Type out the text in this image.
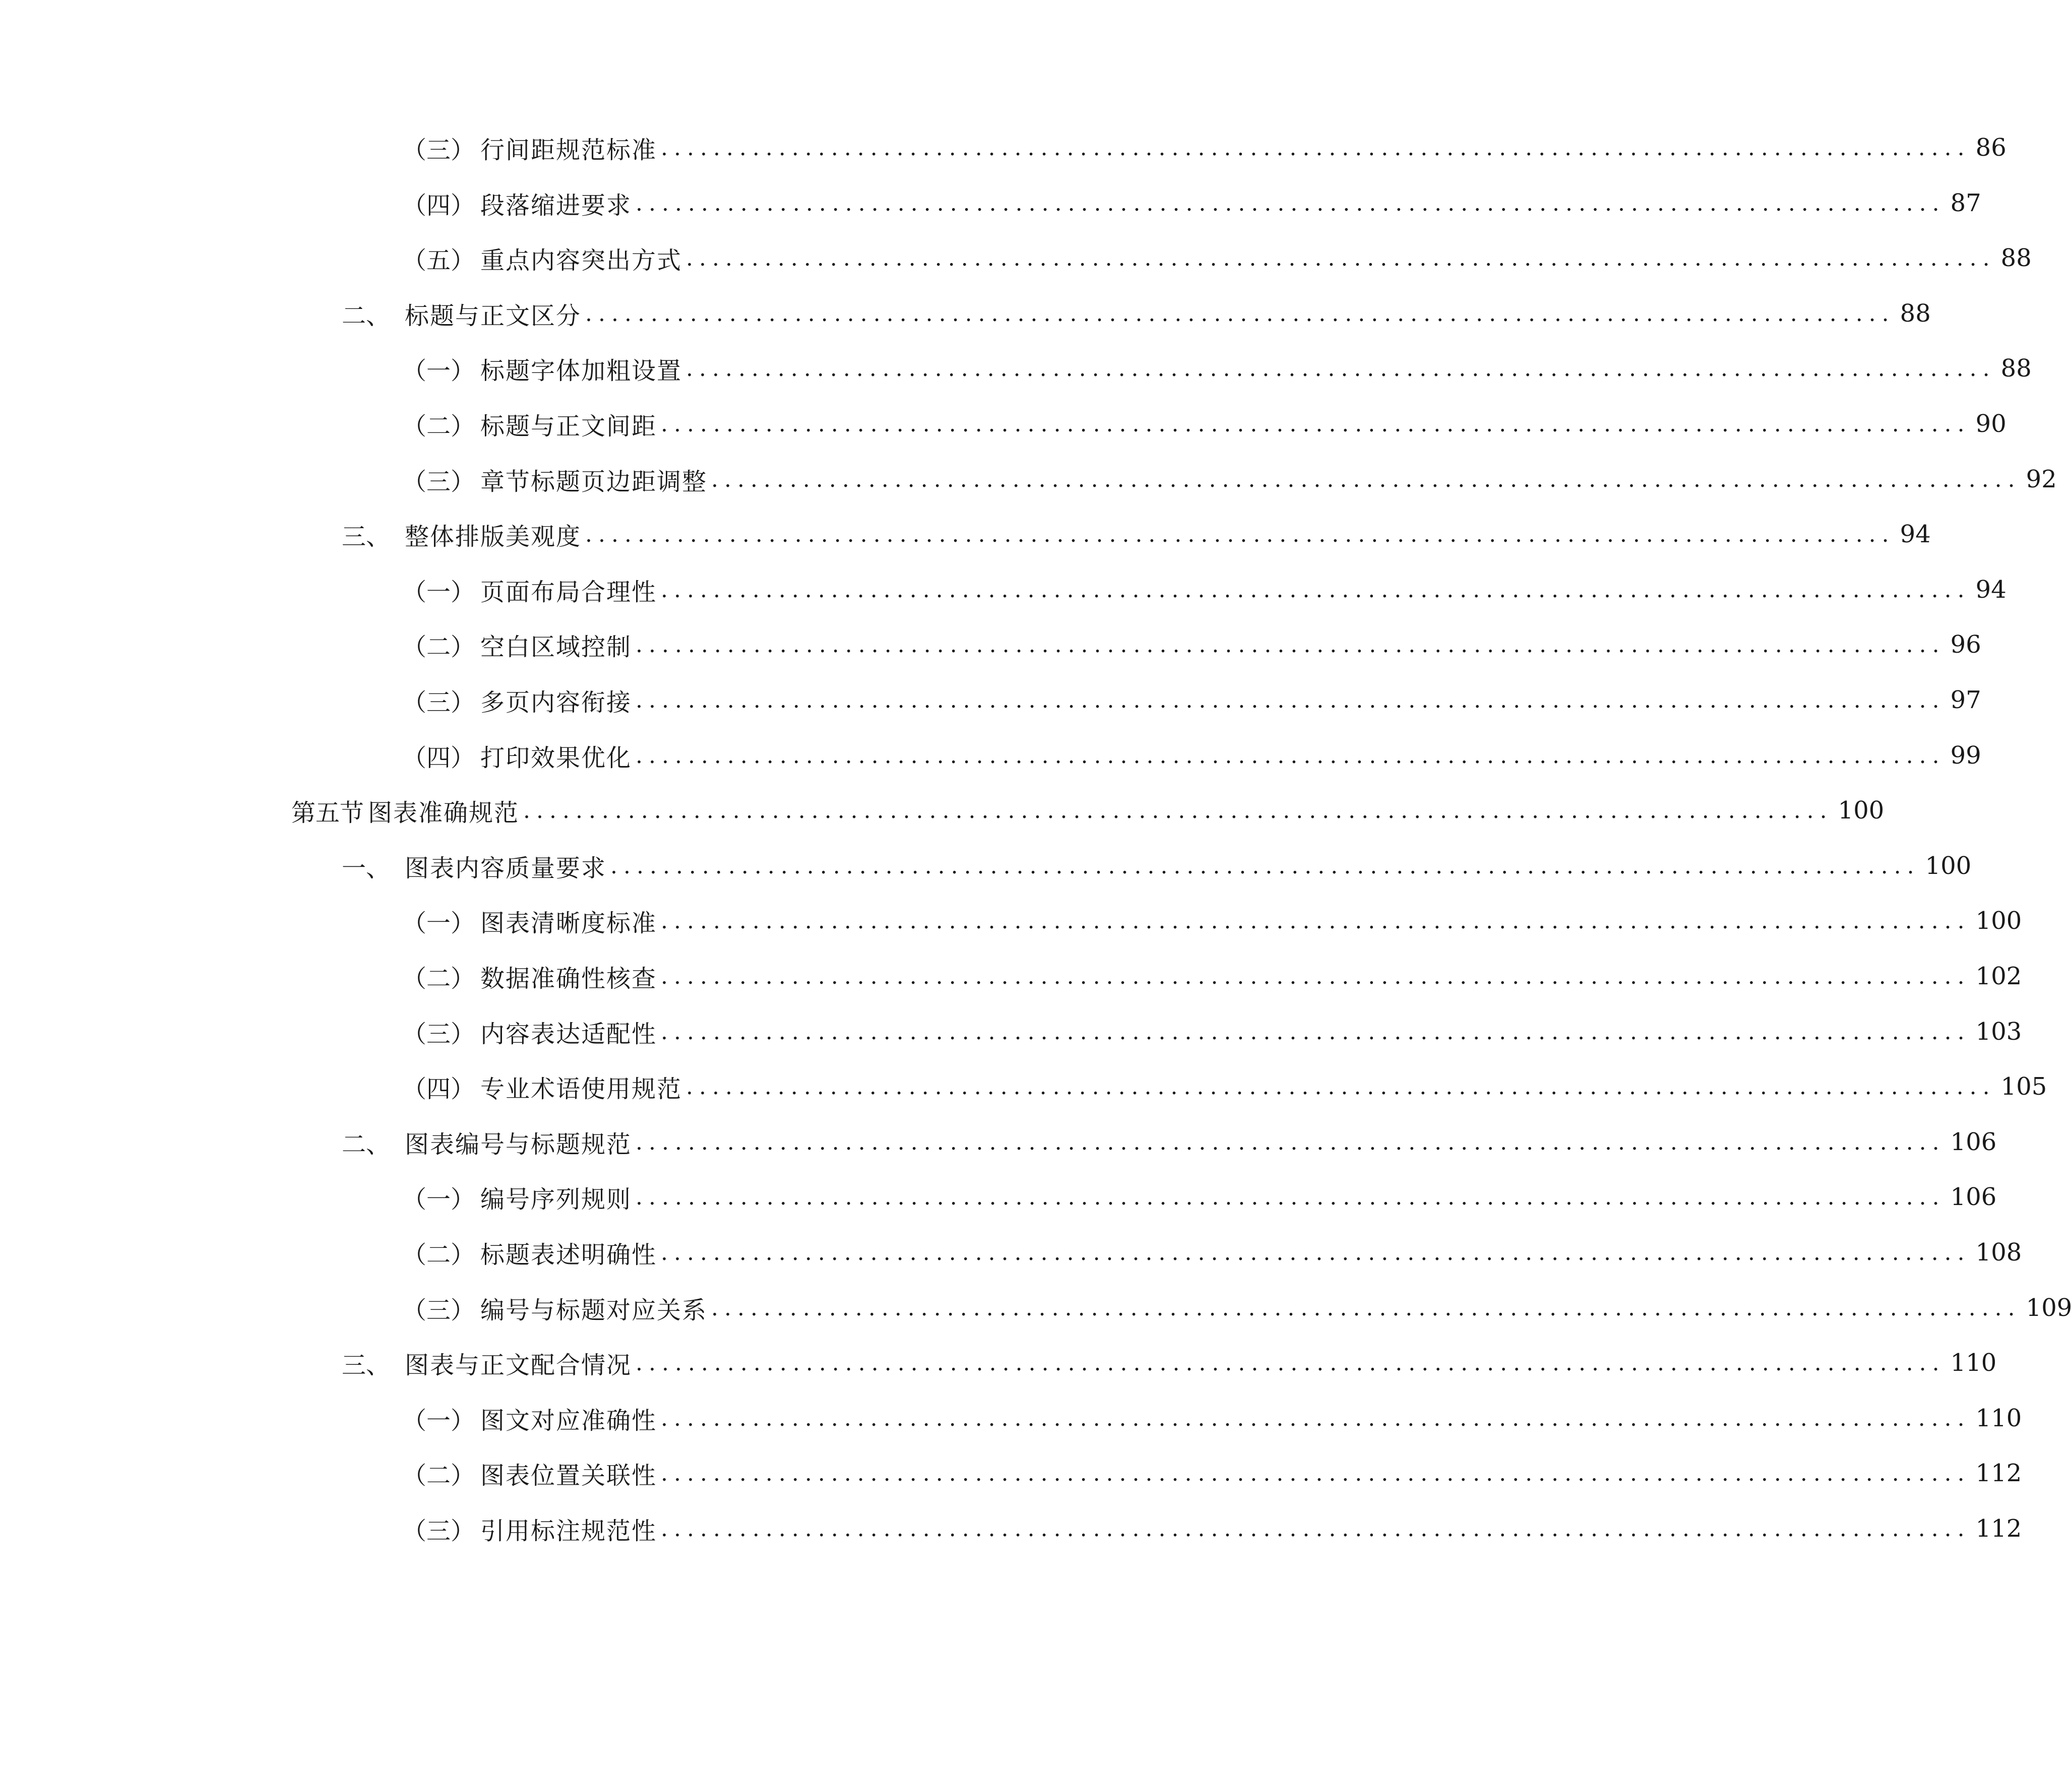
（三） 行间距规范标准 .................................................................................................... 86
（四） 段落缩进要求 .................................................................................................... 87
（五） 重点内容突出方式 .................................................................................................... 88
二、 标题与正文区分 .................................................................................................... 88
（一） 标题字体加粗设置 .................................................................................................... 88
（二） 标题与正文间距 .................................................................................................... 90
（三） 章节标题页边距调整 .................................................................................................... 92
三、 整体排版美观度 .................................................................................................... 94
（一） 页面布局合理性 .................................................................................................... 94
（二） 空白区域控制 .................................................................................................... 96
（三） 多页内容衔接 .................................................................................................... 97
（四） 打印效果优化 .................................................................................................... 99
第五节 图表准确规范 .................................................................................................... 100
一、 图表内容质量要求 .................................................................................................... 100
（一） 图表清晰度标准 .................................................................................................... 100
（二） 数据准确性核查 .................................................................................................... 102
（三） 内容表达适配性 .................................................................................................... 103
（四） 专业术语使用规范 .................................................................................................... 105
二、 图表编号与标题规范 .................................................................................................... 106
（一） 编号序列规则 .................................................................................................... 106
（二） 标题表述明确性 .................................................................................................... 108
（三） 编号与标题对应关系 .................................................................................................... 109
三、 图表与正文配合情况 .................................................................................................... 110
（一） 图文对应准确性 .................................................................................................... 110
（二） 图表位置关联性 .................................................................................................... 112
（三） 引用标注规范性 .................................................................................................... 112
